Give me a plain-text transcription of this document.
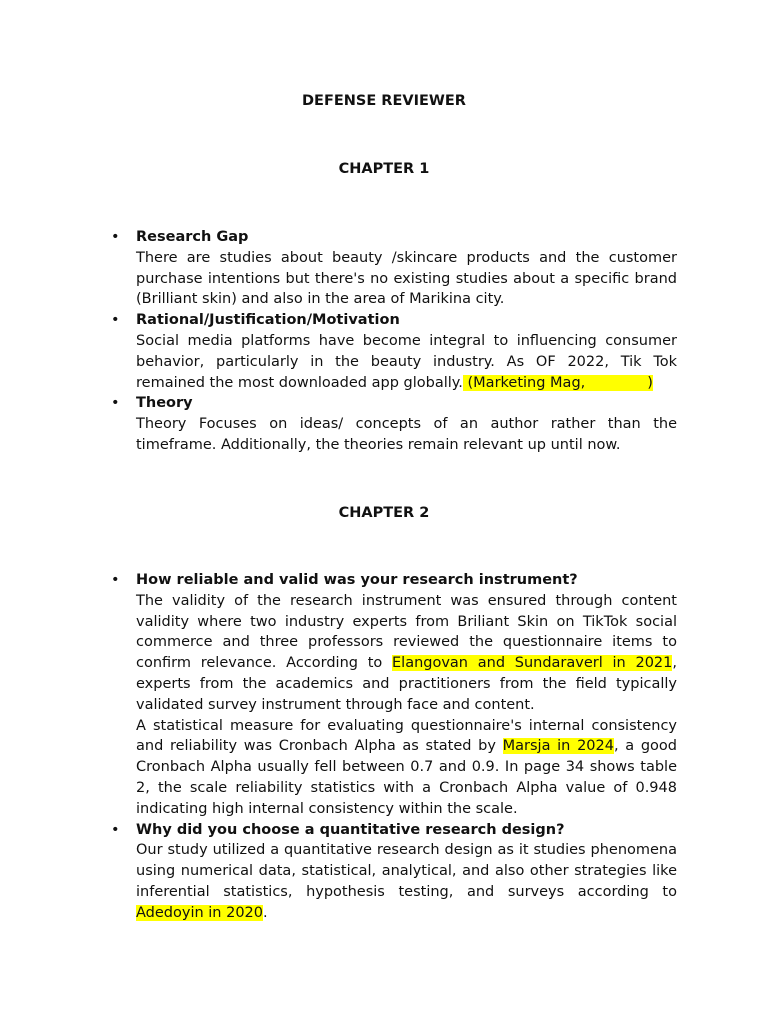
DEFENSE REVIEWER
CHAPTER 1
• Research Gap

There are studies about beauty /skincare products and the customer purchase intentions but there's no existing studies about a specific brand (Brilliant skin) and also in the area of Marikina city.

• Rational/Justification/Motivation

Social media platforms have become integral to influencing consumer behavior, particularly in the beauty industry. As OF 2022, Tik Tok remained the most downloaded app globally. (Marketing Mag,	)

• Theory

Theory Focuses on ideas/ concepts of an author rather than the timeframe. Additionally, the theories remain relevant up until now.

CHAPTER 2
• How reliable and valid was your research instrument?

The validity of the research instrument was ensured through content validity where two industry experts from Briliant Skin on TikTok social commerce and three professors reviewed the questionnaire items to confirm relevance. According to Elangovan and Sundaraverl in 2021, experts from the academics and practitioners from the field typically validated survey instrument through face and content.

A statistical measure for evaluating questionnaire's internal consistency and reliability was Cronbach Alpha as stated by Marsja in 2024, a good Cronbach Alpha usually fell between 0.7 and 0.9. In page 34 shows table 2, the scale reliability statistics with a Cronbach Alpha value of 0.948 indicating high internal consistency within the scale.

• Why did you choose a quantitative research design?

Our study utilized a quantitative research design as it studies phenomena using numerical data, statistical, analytical, and also other strategies like inferential statistics, hypothesis testing, and surveys according to Adedoyin in 2020.
